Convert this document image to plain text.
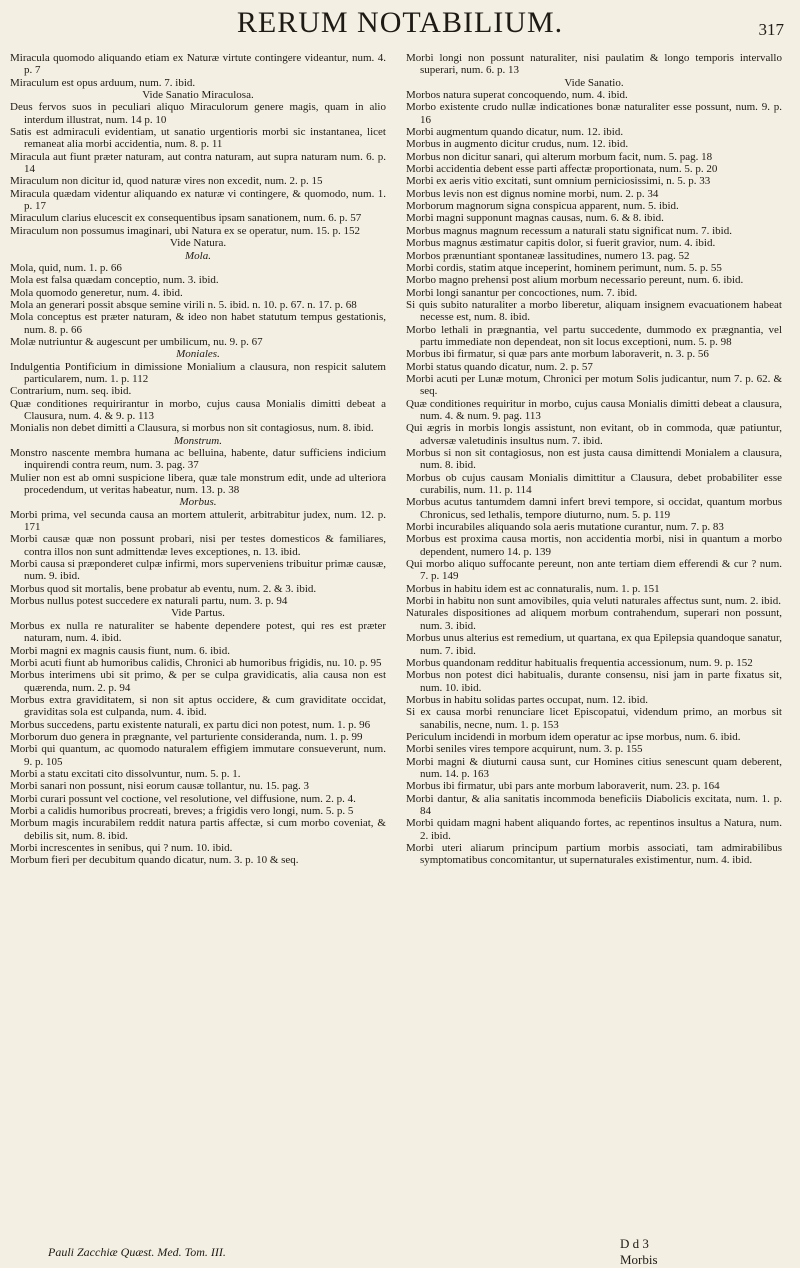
RERUM NOTABILIUM.	317

Miracula quomodo aliquando etiam ex Naturæ virtute contingere videantur, num. 4. p. 7

Miraculum est opus arduum, num. 7. ibid.

Vide Sanatio Miraculosa.

Deus fervos suos in peculiari aliquo Miraculorum genere magis, quam in alio interdum illustrat, num. 14 p. 10

Satis est admiraculi evidentiam, ut sanatio urgentioris morbi sic instantanea, licet remaneat alia morbi accidentia, num. 8. p. 11

Miracula aut fiunt præter naturam, aut contra naturam, aut supra naturam num. 6. p. 14

Miraculum non dicitur id, quod naturæ vires non excedit, num. 2. p. 15

Miracula quædam videntur aliquando ex naturæ vi contingere, & quomodo, num. 1. p. 17

Miraculum clarius elucescit ex consequentibus ipsam sanationem, num. 6. p. 57

Miraculum non possumus imaginari, ubi Natura ex se operatur, num. 15. p. 152

Vide Natura.

Mola.

Mola, quid, num. 1. p. 66

Mola est falsa quædam conceptio, num. 3. ibid.

Mola quomodo generetur, num. 4. ibid.

Mola an generari possit absque semine virili n. 5. ibid. n. 10. p. 67. n. 17. p. 68

Mola conceptus est præter naturam, & ideo non habet statutum tempus gestationis, num. 8. p. 66

Molæ nutriuntur & augescunt per umbilicum, nu. 9. p. 67

Moniales.

Indulgentia Pontificium in dimissione Monialium a clausura, non respicit salutem particularem, num. 1. p. 112

Contrarium, num. seq. ibid.

Quæ conditiones requirirantur in morbo, cujus causa Monialis dimitti debeat a Clausura, num. 4. & 9. p. 113

Monialis non debet dimitti a Clausura, si morbus non sit contagiosus, num. 8. ibid.

Monstrum.

Monstro nascente membra humana ac belluina, habente, datur sufficiens indicium inquirendi contra reum, num. 3. pag. 37

Mulier non est ab omni suspicione libera, quæ tale monstrum edit, unde ad ulteriora procedendum, ut veritas habeatur, num. 13. p. 38

Morbus.

Morbi prima, vel secunda causa an mortem attulerit, arbitrabitur judex, num. 12. p. 171

Morbi causæ quæ non possunt probari, nisi per testes domesticos & familiares, contra illos non sunt admittendæ leves exceptiones, n. 13. ibid.

Morbi causa si præponderet culpæ infirmi, mors superveniens tribuitur primæ causæ, num. 9. ibid.

Morbus quod sit mortalis, bene probatur ab eventu, num. 2. & 3. ibid.

Morbus nullus potest succedere ex naturali partu, num. 3. p. 94

Vide Partus.

Morbus ex nulla re naturaliter se habente dependere potest, qui res est præter naturam, num. 4. ibid.

Morbi magni ex magnis causis fiunt, num. 6. ibid.

Morbi acuti fiunt ab humoribus calidis, Chronici ab humoribus frigidis, nu. 10. p. 95

Morbus interimens ubi sit primo, & per se culpa gravidicatis, alia causa non est quærenda, num. 2. p. 94

Morbus extra graviditatem, si non sit aptus occidere, & cum graviditate occidat, graviditas sola est culpanda, num. 4. ibid.

Morbus succedens, partu existente naturali, ex partu dici non potest, num. 1. p. 96

Morborum duo genera in prægnante, vel parturiente consideranda, num. 1. p. 99

Morbi qui quantum, ac quomodo naturalem effigiem immutare consueverunt, num. 9. p. 105

Morbi a statu excitati cito dissolvuntur, num. 5. p. 1.

Morbi sanari non possunt, nisi eorum causæ tollantur, nu. 15. pag. 3

Morbi curari possunt vel coctione, vel resolutione, vel diffusione, num. 2. p. 4.

Morbi a calidis humoribus procreati, breves; a frigidis vero longi, num. 5. p. 5

Morbum magis incurabilem reddit natura partis affectæ, si cum morbo coveniat, & debilis sit, num. 8. ibid.

Morbi increscentes in senibus, qui ? num. 10. ibid.

Morbum fieri per decubitum quando dicatur, num. 3. p. 10 & seq.

Morbi longi non possunt naturaliter, nisi paulatim & longo temporis intervallo superari, num. 6. p. 13

Vide Sanatio.

Morbos natura superat concoquendo, num. 4. ibid.

Morbo existente crudo nullæ indicationes bonæ naturaliter esse possunt, num. 9. p. 16

Morbi augmentum quando dicatur, num. 12. ibid.

Morbus in augmento dicitur crudus, num. 12. ibid.

Morbus non dicitur sanari, qui alterum morbum facit, num. 5. pag. 18

Morbi accidentia debent esse parti affectæ proportionata, num. 5. p. 20

Morbi ex aeris vitio excitati, sunt omnium perniciosissimi, n. 5. p. 33

Morbus levis non est dignus nomine morbi, num. 2. p. 34

Morborum magnorum signa conspicua apparent, num. 5. ibid.

Morbi magni supponunt magnas causas, num. 6. & 8. ibid.

Morbus magnus magnum recessum a naturali statu significat num. 7. ibid.

Morbus magnus æstimatur capitis dolor, si fuerit gravior, num. 4. ibid.

Morbos prænuntiant spontaneæ lassitudines, numero 13. pag. 52

Morbi cordis, statim atque inceperint, hominem perimunt, num. 5. p. 55

Morbo magno prehensi post alium morbum necessario pereunt, num. 6. ibid.

Morbi longi sanantur per concoctiones, num. 7. ibid.

Si quis subito naturaliter a morbo liberetur, aliquam insignem evacuationem habeat necesse est, num. 8. ibid.

Morbo lethali in prægnantia, vel partu succedente, dummodo ex prægnantia, vel partu immediate non dependeat, non sit locus exceptioni, num. 5. p. 98

Morbus ibi firmatur, si quæ pars ante morbum laboraverit, n. 3. p. 56

Morbi status quando dicatur, num. 2. p. 57

Morbi acuti per Lunæ motum, Chronici per motum Solis judicantur, num 7. p. 62. & seq.

Quæ conditiones requiritur in morbo, cujus causa Monialis dimitti debeat a clausura, num. 4. & num. 9. pag. 113

Qui ægris in morbis longis assistunt, non evitant, ob in commoda, quæ patiuntur, adversæ valetudinis insultus num. 7. ibid.

Morbus si non sit contagiosus, non est justa causa dimittendi Monialem a clausura, num. 8. ibid.

Morbus ob cujus causam Monialis dimittitur a Clausura, debet probabiliter esse curabilis, num. 11. p. 114

Morbus acutus tantumdem damni infert brevi tempore, si occidat, quantum morbus Chronicus, sed lethalis, tempore diuturno, num. 5. p. 119

Morbi incurabiles aliquando sola aeris mutatione curantur, num. 7. p. 83

Morbus est proxima causa mortis, non accidentia morbi, nisi in quantum a morbo dependent, numero 14. p. 139

Qui morbo aliquo suffocante pereunt, non ante tertiam diem efferendi & cur ? num. 7. p. 149

Morbus in habitu idem est ac connaturalis, num. 1. p. 151

Morbi in habitu non sunt amovibiles, quia veluti naturales affectus sunt, num. 2. ibid.

Naturales dispositiones ad aliquem morbum contrahendum, superari non possunt, num. 3. ibid.

Morbus unus alterius est remedium, ut quartana, ex qua Epilepsia quandoque sanatur, num. 7. ibid.

Morbus quandonam redditur habitualis frequentia accessionum, num. 9. p. 152

Morbus non potest dici habitualis, durante consensu, nisi jam in parte fixatus sit, num. 10. ibid.

Morbus in habitu solidas partes occupat, num. 12. ibid.

Si ex causa morbi renunciare licet Episcopatui, videndum primo, an morbus sit sanabilis, necne, num. 1. p. 153

Periculum incidendi in morbum idem operatur ac ipse morbus, num. 6. ibid.

Morbi seniles vires tempore acquirunt, num. 3. p. 155

Morbi magni & diuturni causa sunt, cur Homines citius senescunt quam deberent, num. 14. p. 163

Morbus ibi firmatur, ubi pars ante morbum laboraverit, num. 23. p. 164

Morbi dantur, & alia sanitatis incommoda beneficiis Diabolicis excitata, num. 1. p. 84

Morbi quidam magni habent aliquando fortes, ac repentinos insultus a Natura, num. 2. ibid.

Morbi uteri aliarum principum partium morbis associati, tam admirabilibus symptomatibus concomitantur, ut supernaturales existimentur, num. 4. ibid.

Pauli Zacchiæ Quæst. Med. Tom. III.
D d 3 Morbis
